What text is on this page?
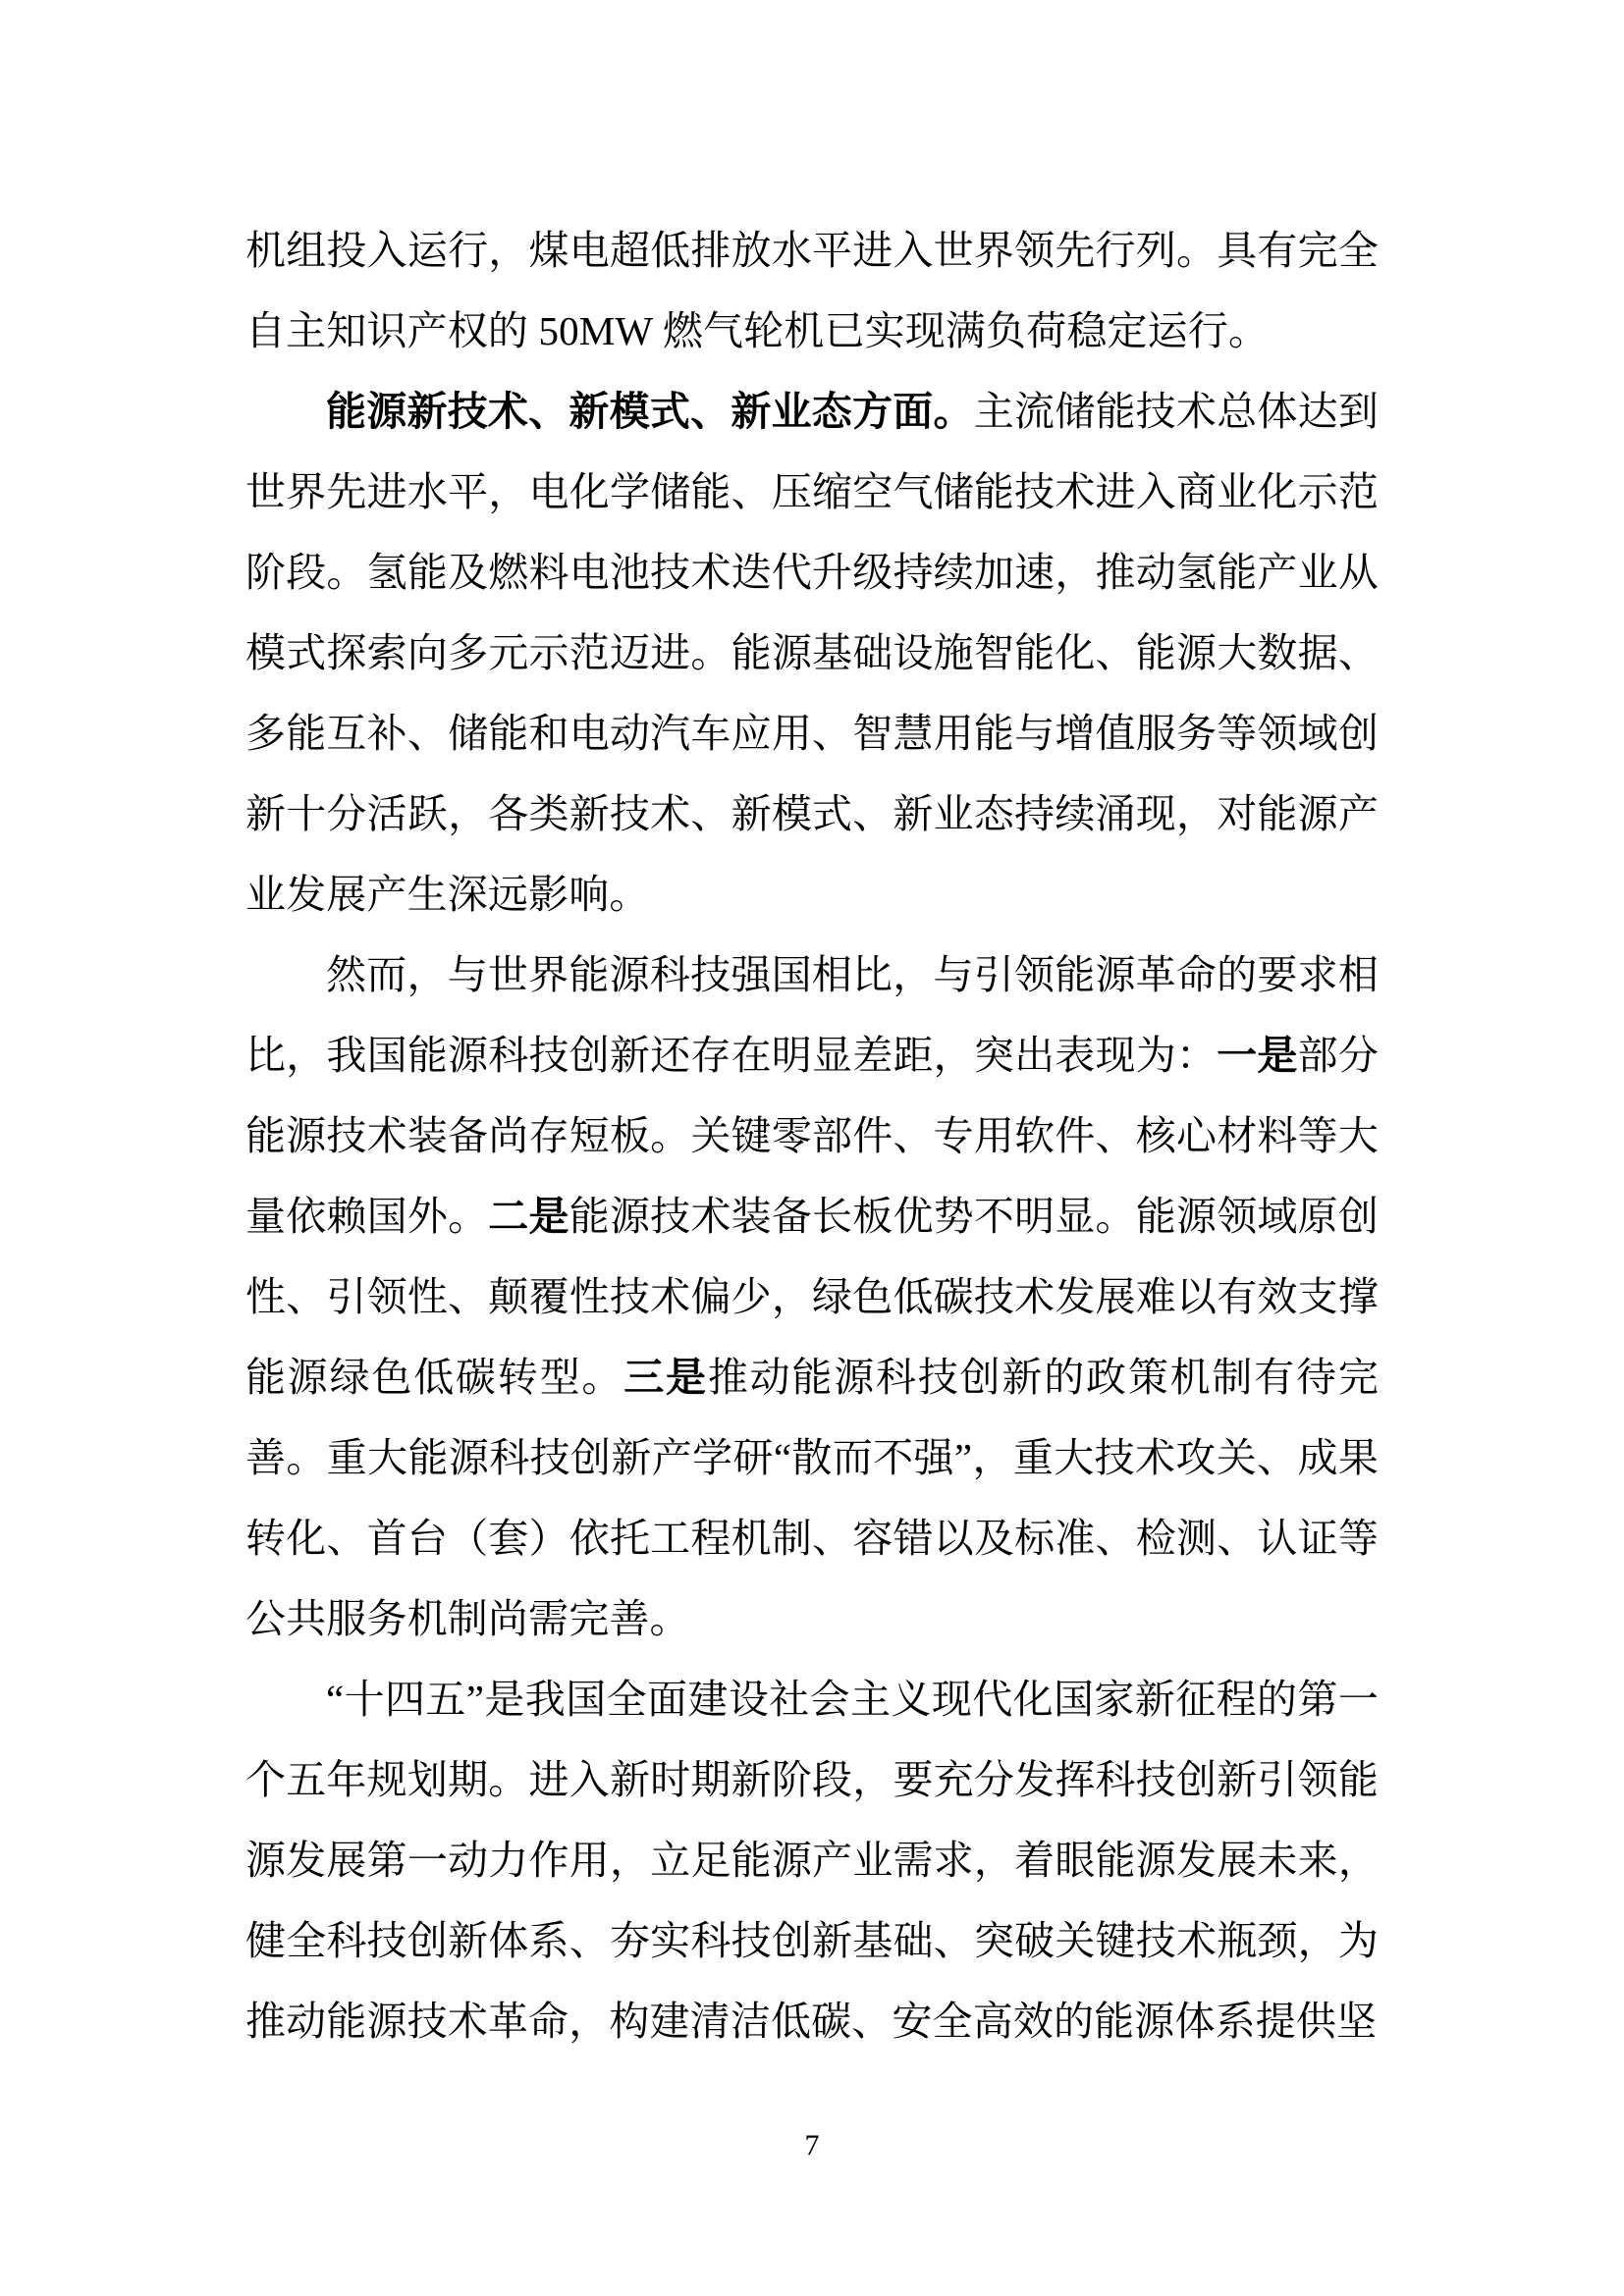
机组投入运行，煤电超低排放水平进入世界领先行列。具有完全自主知识产权的 50MW 燃气轮机已实现满负荷稳定运行。

能源新技术、新模式、新业态方面。主流储能技术总体达到世界先进水平，电化学储能、压缩空气储能技术进入商业化示范阶段。氢能及燃料电池技术迭代升级持续加速，推动氢能产业从模式探索向多元示范迈进。能源基础设施智能化、能源大数据、多能互补、储能和电动汽车应用、智慧用能与增值服务等领域创新十分活跃，各类新技术、新模式、新业态持续涌现，对能源产业发展产生深远影响。

然而，与世界能源科技强国相比，与引领能源革命的要求相比，我国能源科技创新还存在明显差距，突出表现为：一是部分能源技术装备尚存短板。关键零部件、专用软件、核心材料等大量依赖国外。二是能源技术装备长板优势不明显。能源领域原创性、引领性、颠覆性技术偏少，绿色低碳技术发展难以有效支撑能源绿色低碳转型。三是推动能源科技创新的政策机制有待完善。重大能源科技创新产学研“散而不强”，重大技术攻关、成果转化、首台（套）依托工程机制、容错以及标准、检测、认证等公共服务机制尚需完善。

“十四五”是我国全面建设社会主义现代化国家新征程的第一个五年规划期。进入新时期新阶段，要充分发挥科技创新引领能源发展第一动力作用，立足能源产业需求，着眼能源发展未来，健全科技创新体系、夯实科技创新基础、突破关键技术瓶颈，为推动能源技术革命，构建清洁低碳、安全高效的能源体系提供坚

7
